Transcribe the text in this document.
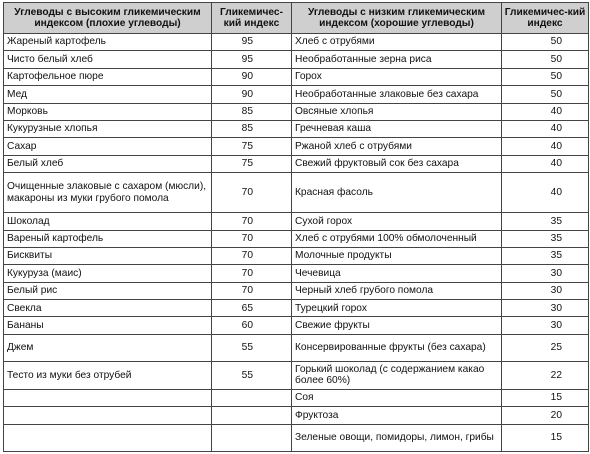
Углеводы с высоким гликемическим индексом (плохие углеводы)	Гликемичес-кий индекс	Углеводы с низким гликемическим индексом (хорошие углеводы)	Гликемичес-кий индекс
Жареный картофель	95	Хлеб с отрубями	50
Чисто белый хлеб	95	Необработанные зерна риса	50
Картофельное пюре	90	Горох	50
Мед	90	Необработанные злаковые без сахара	50
Морковь	85	Овсяные хлопья	40
Кукурузные хлопья	85	Гречневая каша	40
Сахар	75	Ржаной хлеб с отрубями	40
Белый хлеб	75	Свежий фруктовый сок без сахара	40
Очищенные злаковые с сахаром (мюсли), макароны из муки грубого помола	70	Красная фасоль	40
Шоколад	70	Сухой горох	35
Вареный картофель	70	Хлеб с отрубями 100% обмолоченный	35
Бисквиты	70	Молочные продукты	35
Кукуруза (маис)	70	Чечевица	30
Белый рис	70	Черный хлеб грубого помола	30
Свекла	65	Турецкий горох	30
Бананы	60	Свежие фрукты	30
Джем	55	Консервированные фрукты (без сахара)	25
Тесто из муки без отрубей	55	Горький шоколад (с содержанием какао более 60%)	22
		Соя	15
		Фруктоза	20
		Зеленые овощи, помидоры, лимон, грибы	15
